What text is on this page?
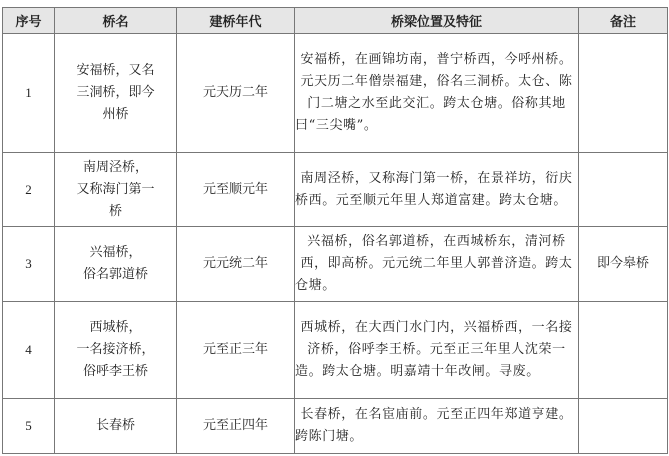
序号	桥名	建桥年代	桥梁位置及特征	备注
1	安福桥，又名
三洞桥，即今
州桥	元天历二年	安福桥，在画锦坊南，普宁桥西，今呼州桥。元天历二年僧崇福建，俗名三洞桥。太仓、陈门二塘之水至此交汇。跨太仓塘。俗称其地曰“三尖嘴”。	
2	南周泾桥，
又称海门第一
桥	元至顺元年	南周泾桥，又称海门第一桥，在景祥坊，衍庆桥西。元至顺元年里人郑道富建。跨太仓塘。	
3	兴福桥，
俗名郭道桥	元元统二年	兴福桥，俗名郭道桥，在西城桥东，清河桥西，即高桥。元元统二年里人郭普济造。跨太仓塘。	即今皋桥
4	西城桥，
一名接济桥，
俗呼李王桥	元至正三年	西城桥，在大西门水门内，兴福桥西，一名接济桥，俗呼李王桥。元至正三年里人沈荣一造。跨太仓塘。明嘉靖十年改闸。寻废。	
5	长春桥	元至正四年	长春桥，在名宦庙前。元至正四年郑道亨建。跨陈门塘。	
